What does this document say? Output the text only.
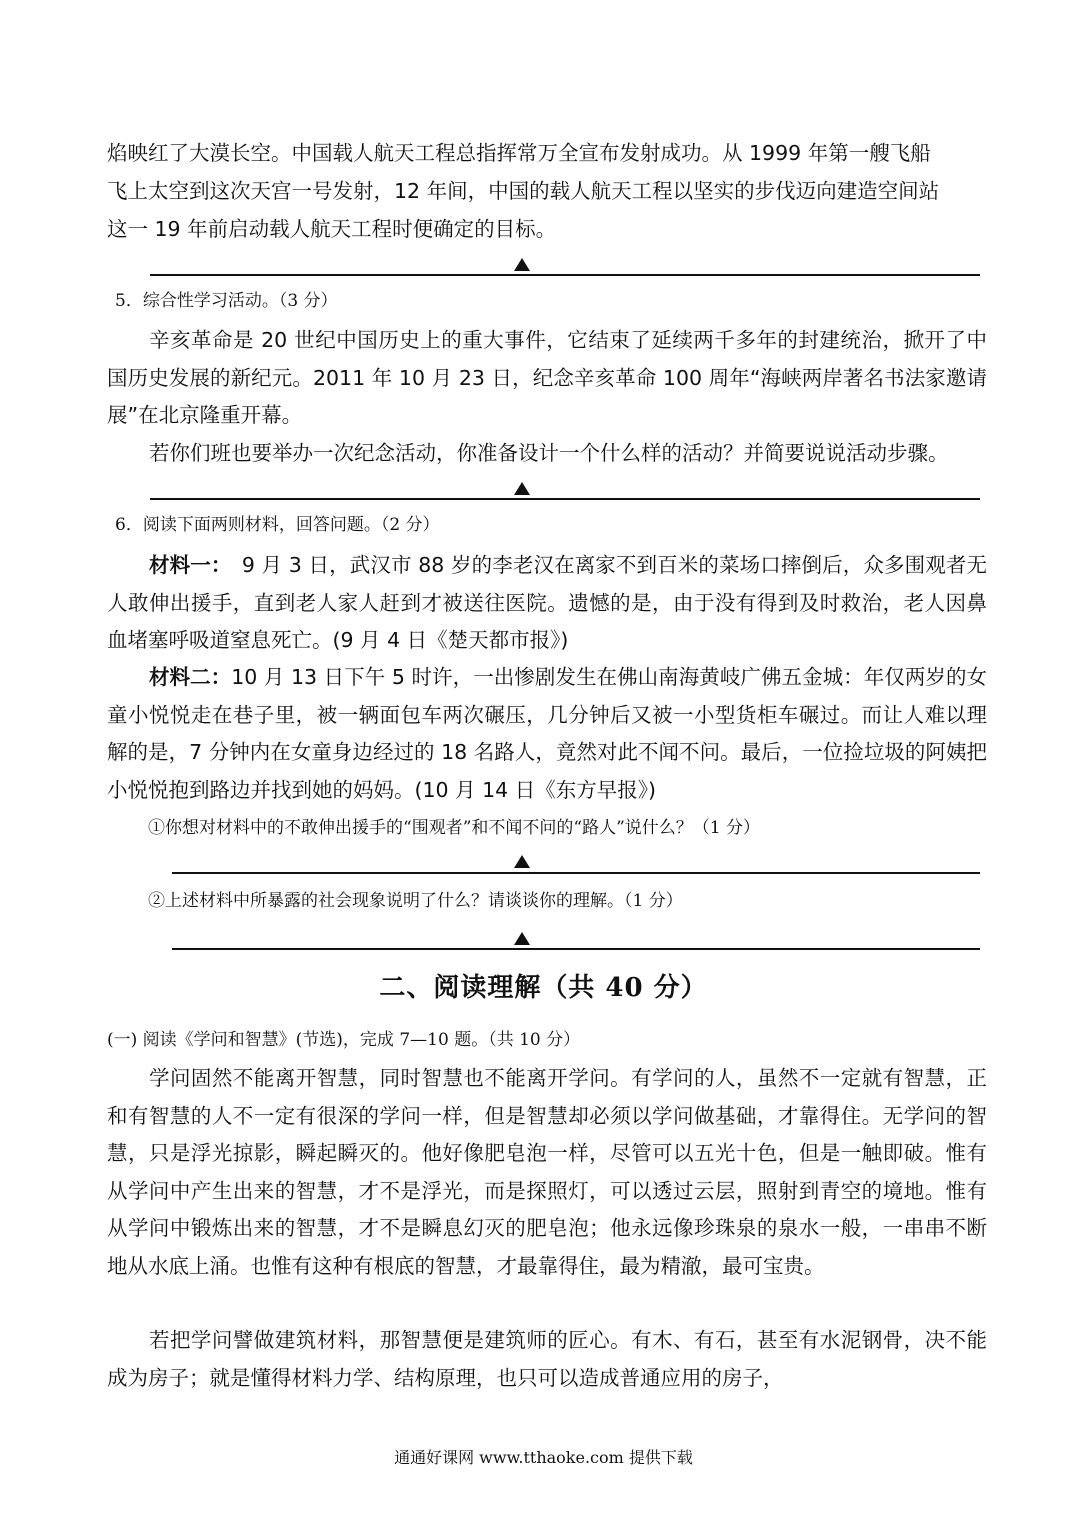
焰映红了大漠长空。中国载人航天工程总指挥常万全宣布发射成功。从 1999 年第一艘飞船

飞上太空到这次天宫一号发射，12 年间，中国的载人航天工程以坚实的步伐迈向建造空间站

这一 19 年前启动载人航天工程时便确定的目标。

5．综合性学习活动。（3 分）

辛亥革命是 20 世纪中国历史上的重大事件，它结束了延续两千多年的封建统治，掀开了中国历史发展的新纪元。2011 年 10 月 23 日，纪念辛亥革命 100 周年“海峡两岸著名书法家邀请展”在北京隆重开幕。

若你们班也要举办一次纪念活动，你准备设计一个什么样的活动？并简要说说活动步骤。

6．阅读下面两则材料，回答问题。（2 分）

材料一：　9 月 3 日，武汉市 88 岁的李老汉在离家不到百米的菜场口摔倒后，众多围观者无人敢伸出援手，直到老人家人赶到才被送往医院。遗憾的是，由于没有得到及时救治，老人因鼻血堵塞呼吸道窒息死亡。(9 月 4 日《楚天都市报》)

材料二：10 月 13 日下午 5 时许，一出惨剧发生在佛山南海黄岐广佛五金城：年仅两岁的女童小悦悦走在巷子里，被一辆面包车两次碾压，几分钟后又被一小型货柜车碾过。而让人难以理解的是，7 分钟内在女童身边经过的 18 名路人，竟然对此不闻不问。最后，一位捡垃圾的阿姨把小悦悦抱到路边并找到她的妈妈。(10 月 14 日《东方早报》)

①你想对材料中的不敢伸出援手的“围观者”和不闻不问的“路人”说什么？（1 分）

②上述材料中所暴露的社会现象说明了什么？请谈谈你的理解。（1 分）

二、阅读理解（共 40 分）

(一) 阅读《学问和智慧》(节选)，完成 7—10 题。（共 10 分）

学问固然不能离开智慧，同时智慧也不能离开学问。有学问的人，虽然不一定就有智慧，正和有智慧的人不一定有很深的学问一样，但是智慧却必须以学问做基础，才靠得住。无学问的智慧，只是浮光掠影，瞬起瞬灭的。他好像肥皂泡一样，尽管可以五光十色，但是一触即破。惟有从学问中产生出来的智慧，才不是浮光，而是探照灯，可以透过云层，照射到青空的境地。惟有从学问中锻炼出来的智慧，才不是瞬息幻灭的肥皂泡；他永远像珍珠泉的泉水一般，一串串不断地从水底上涌。也惟有这种有根底的智慧，才最靠得住，最为精澈，最可宝贵。

若把学问譬做建筑材料，那智慧便是建筑师的匠心。有木、有石，甚至有水泥钢骨，决不能成为房子；就是懂得材料力学、结构原理，也只可以造成普通应用的房子，

通通好课网 www.tthaoke.com 提供下载
